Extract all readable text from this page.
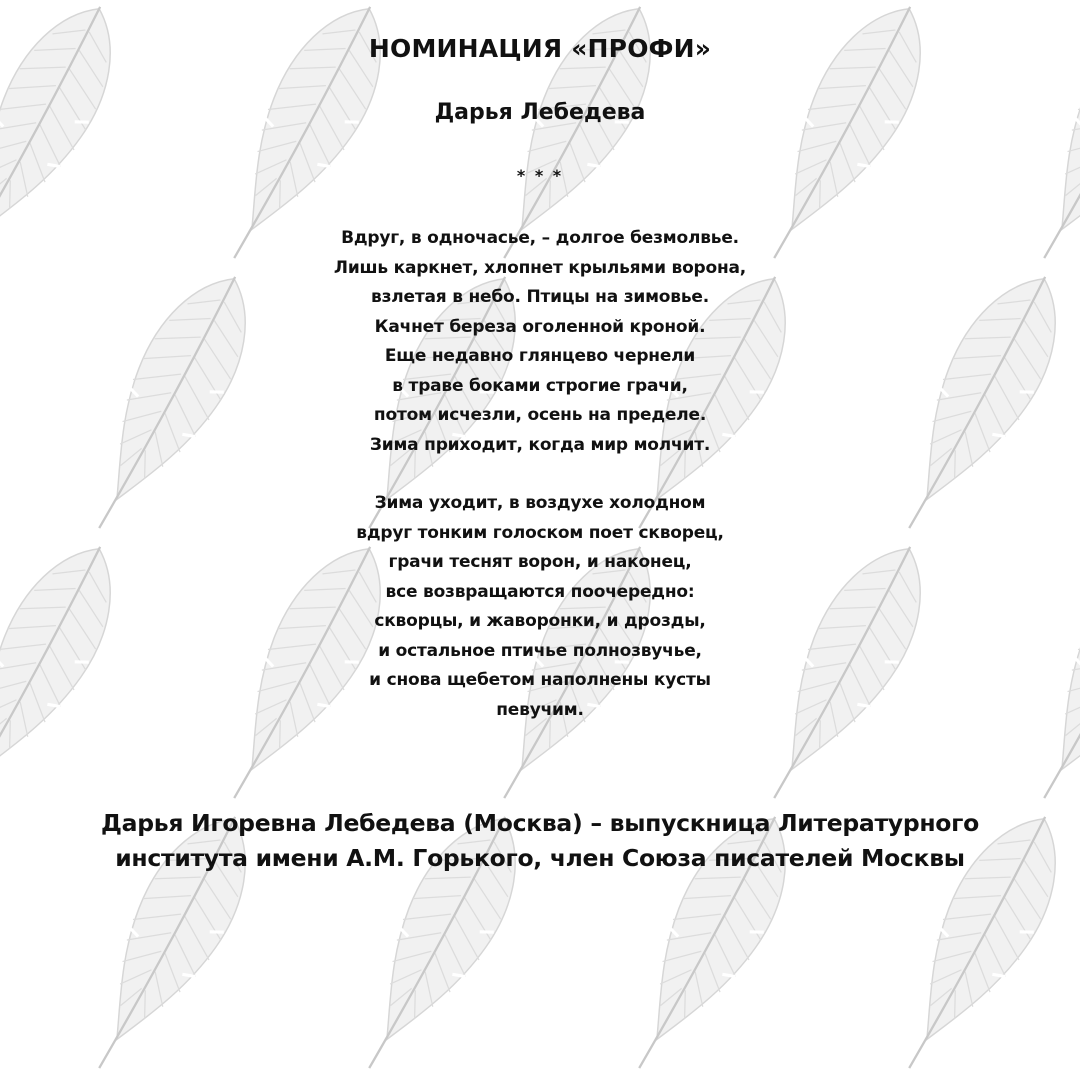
НОМИНАЦИЯ «ПРОФИ»
Дарья Лебедева
* * *
Вдруг, в одночасье, – долгое безмолвье.
Лишь каркнет, хлопнет крыльями ворона,
взлетая в небо. Птицы на зимовье.
Качнет береза оголенной кроной.
Еще недавно глянцево чернели
в траве боками строгие грачи,
потом исчезли, осень на пределе.
Зима приходит, когда мир молчит.
Зима уходит, в воздухе холодном
вдруг тонким голоском поет скворец,
грачи теснят ворон, и наконец,
все возвращаются поочередно:
скворцы, и жаворонки, и дрозды,
и остальное птичье полнозвучье,
и снова щебетом наполнены кусты
певучим.
Дарья Игоревна Лебедева (Москва) – выпускница Литературного
института имени А.М. Горького, член Союза писателей Москвы
